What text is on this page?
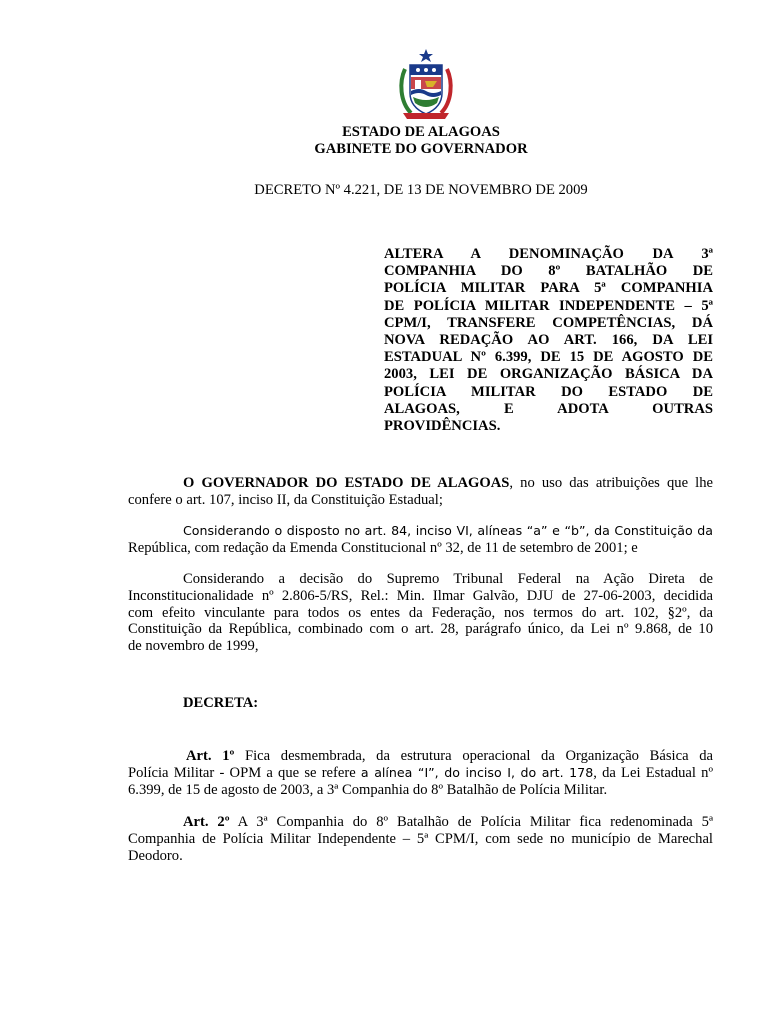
ESTADO DE ALAGOAS
GABINETE DO GOVERNADOR
DECRETO Nº 4.221, DE 13 DE NOVEMBRO DE 2009
ALTERA A DENOMINAÇÃO DA 3ª
COMPANHIA DO 8º BATALHÃO DE
POLÍCIA MILITAR PARA 5ª COMPANHIA
DE POLÍCIA MILITAR INDEPENDENTE – 5ª
CPM/I, TRANSFERE COMPETÊNCIAS, DÁ
NOVA REDAÇÃO AO ART. 166, DA LEI
ESTADUAL Nº 6.399, DE 15 DE AGOSTO DE
2003, LEI DE ORGANIZAÇÃO BÁSICA DA
POLÍCIA MILITAR DO ESTADO DE
ALAGOAS, E ADOTA OUTRAS
PROVIDÊNCIAS.
O GOVERNADOR DO ESTADO DE ALAGOAS, no uso das atribuições que lhe
confere o art. 107, inciso II, da Constituição Estadual;
Considerando o disposto no art. 84, inciso VI, alíneas “a” e “b”, da Constituição da
República, com redação da Emenda Constitucional nº 32, de 11 de setembro de 2001; e
Considerando a decisão do Supremo Tribunal Federal na Ação Direta de
Inconstitucionalidade nº 2.806-5/RS, Rel.: Min. Ilmar Galvão, DJU de 27-06-2003, decidida
com efeito vinculante para todos os entes da Federação, nos termos do art. 102, §2º, da
Constituição da República, combinado com o art. 28, parágrafo único, da Lei nº 9.868, de 10
de novembro de 1999,
DECRETA:
Art. 1º Fica desmembrada, da estrutura operacional da Organização Básica da
Polícia Militar - OPM a que se refere a alínea “I”, do inciso I, do art. 178, da Lei Estadual nº
6.399, de 15 de agosto de 2003, a 3ª Companhia do 8º Batalhão de Polícia Militar.
Art. 2º A 3ª Companhia do 8º Batalhão de Polícia Militar fica redenominada 5ª
Companhia de Polícia Militar Independente – 5ª CPM/I, com sede no município de Marechal
Deodoro.
